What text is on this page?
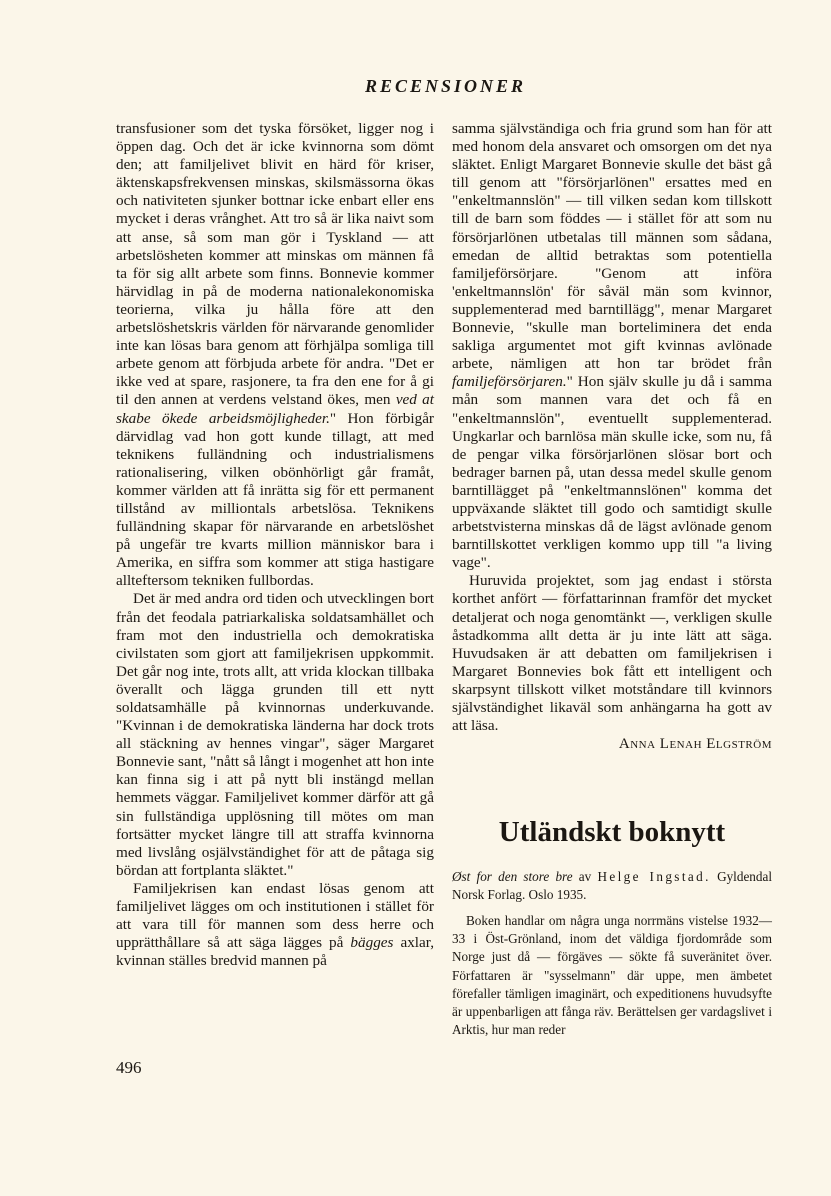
RECENSIONER

transfusioner som det tyska försöket, ligger nog i öppen dag. Och det är icke kvinnorna som dömt den; att familjelivet blivit en härd för kriser, äktenskapsfrekvensen minskas, skilsmässorna ökas och nativiteten sjunker bottnar icke enbart eller ens mycket i deras vrånghet. Att tro så är lika naivt som att anse, så som man gör i Tyskland — att arbetslösheten kommer att minskas om männen få ta för sig allt arbete som finns. Bonnevie kommer härvidlag in på de moderna nationalekonomiska teorierna, vilka ju hålla före att den arbetslöshetskris världen för närvarande genomlider inte kan lösas bara genom att förhjälpa somliga till arbete genom att förbjuda arbete för andra. "Det er ikke ved at spare, rasjonere, ta fra den ene for å gi til den annen at verdens velstand ökes, men ved at skabe ökede arbeidsmöjligheder." Hon förbigår därvidlag vad hon gott kunde tillagt, att med teknikens fulländning och industrialismens rationalisering, vilken obönhörligt går framåt, kommer världen att få inrätta sig för ett permanent tillstånd av milliontals arbetslösa. Teknikens fulländning skapar för närvarande en arbetslöshet på ungefär tre kvarts million människor bara i Amerika, en siffra som kommer att stiga hastigare allteftersom tekniken fullbordas.

Det är med andra ord tiden och utvecklingen bort från det feodala patriarkaliska soldatsamhället och fram mot den industriella och demokratiska civilstaten som gjort att familjekrisen uppkommit. Det går nog inte, trots allt, att vrida klockan tillbaka överallt och lägga grunden till ett nytt soldatsamhälle på kvinnornas underkuvande. "Kvinnan i de demokratiska länderna har dock trots all stäckning av hennes vingar", säger Margaret Bonnevie sant, "nått så långt i mogenhet att hon inte kan finna sig i att på nytt bli instängd mellan hemmets väggar. Familjelivet kommer därför att gå sin fullständiga upplösning till mötes om man fortsätter mycket längre till att straffa kvinnorna med livslång osjälvständighet för att de påtaga sig bördan att fortplanta släktet."

Familjekrisen kan endast lösas genom att familjelivet lägges om och institutionen i stället för att vara till för mannen som dess herre och upprätthållare så att säga lägges på bägges axlar, kvinnan ställes bredvid mannen på

samma självständiga och fria grund som han för att med honom dela ansvaret och omsorgen om det nya släktet. Enligt Margaret Bonnevie skulle det bäst gå till genom att "försörjarlönen" ersattes med en "enkeltmannslön" — till vilken sedan kom tillskott till de barn som föddes — i stället för att som nu försörjarlönen utbetalas till männen som sådana, emedan de alltid betraktas som potentiella familjeförsörjare. "Genom att införa 'enkeltmannslön' för såväl män som kvinnor, supplementerad med barntillägg", menar Margaret Bonnevie, "skulle man borteliminera det enda sakliga argumentet mot gift kvinnas avlönade arbete, nämligen att hon tar brödet från familjeförsörjaren." Hon själv skulle ju då i samma mån som mannen vara det och få en "enkeltmannslön", eventuellt supplementerad. Ungkarlar och barnlösa män skulle icke, som nu, få de pengar vilka försörjarlönen slösar bort och bedrager barnen på, utan dessa medel skulle genom barntillägget på "enkeltmannslönen" komma det uppväxande släktet till godo och samtidigt skulle arbetstvisterna minskas då de lägst avlönade genom barntillskottet verkligen kommo upp till "a living vage".

Huruvida projektet, som jag endast i största korthet anfört — författarinnan framför det mycket detaljerat och noga genomtänkt —, verkligen skulle åstadkomma allt detta är ju inte lätt att säga. Huvudsaken är att debatten om familjekrisen i Margaret Bonnevies bok fått ett intelligent och skarpsynt tillskott vilket motståndare till kvinnors självständighet likaväl som anhängarna ha gott av att läsa.

Anna Lenah Elgström
Utländskt boknytt
Øst for den store bre av Helge Ingstad. Gyldendal Norsk Forlag. Oslo 1935.

Boken handlar om några unga norrmäns vistelse 1932—33 i Öst-Grönland, inom det väldiga fjordområde som Norge just då — förgäves — sökte få suveränitet över. Författaren är "sysselmann" där uppe, men ämbetet förefaller tämligen imaginärt, och expeditionens huvudsyfte är uppenbarligen att fånga räv. Berättelsen ger vardagslivet i Arktis, hur man reder

496
